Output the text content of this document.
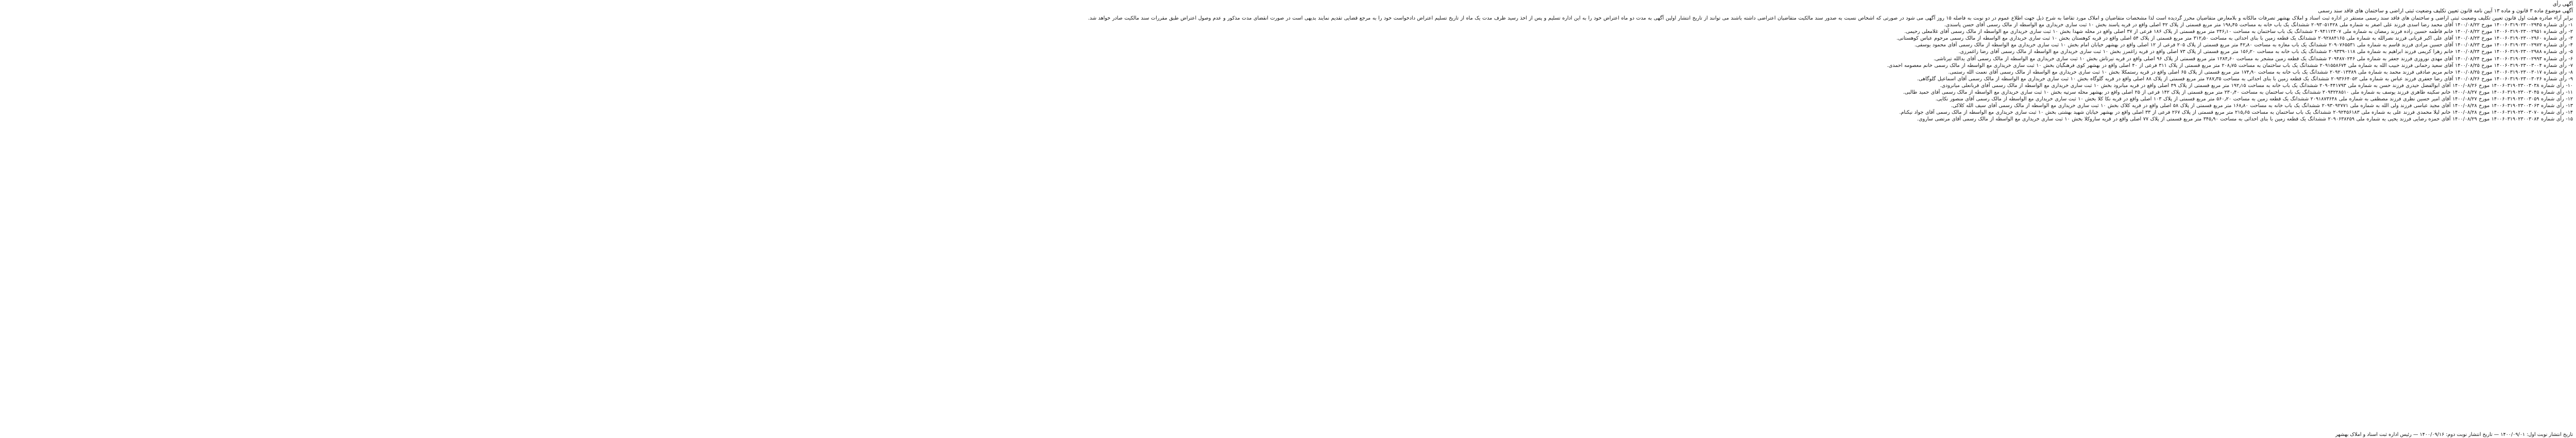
آگهی رأی
آگهی موضوع ماده ۳ قانون و ماده ۱۳ آیین نامه قانون تعیین تکلیف وضعیت ثبتی اراضی و ساختمان های فاقد سند رسمی

برابر آراء صادره هیئت اول قانون تعیین تکلیف وضعیت ثبتی اراضی و ساختمان های فاقد سند رسمی مستقر در اداره ثبت اسناد و املاک بهشهر تصرفات مالکانه و بلامعارض متقاضیان محرز گردیده است لذا مشخصات متقاضیان و املاک مورد تقاضا به شرح ذیل جهت اطلاع عموم در دو نوبت به فاصله ۱۵ روز آگهی می شود در صورتی که اشخاص نسبت به صدور سند مالکیت متقاضیان اعتراضی داشته باشند می توانند از تاریخ انتشار اولین آگهی به مدت دو ماه اعتراض خود را به این اداره تسلیم و پس از اخذ رسید ظرف مدت یک ماه از تاریخ تسلیم اعتراض دادخواست خود را به مرجع قضایی تقدیم نمایند بدیهی است در صورت انقضای مدت مذکور و عدم وصول اعتراض طبق مقررات سند مالکیت صادر خواهد شد.

۱- رأی شماره ۱۴۰۰۶۰۳۱۹۰۲۳۰۰۲۹۴۵ مورخ ۱۴۰۰/۰۸/۲۲ آقای محمد رضا اسدی فرزند علی اصغر به شماره ملی ۲۰۹۳۰۵۱۴۲۸ ششدانگ یک باب خانه به مساحت ۱۹۸٫۴۵ متر مربع قسمتی از پلاک ۴۲ اصلی واقع در قریه پاسند بخش ۱۰ ثبت ساری خریداری مع الواسطه از مالک رسمی آقای حسن پاسندی.

۲- رأی شماره ۱۴۰۰۶۰۳۱۹۰۲۳۰۰۲۹۵۱ مورخ ۱۴۰۰/۰۸/۲۲ خانم فاطمه حسین زاده فرزند رمضان به شماره ملی ۲۰۹۴۱۱۲۳۰۷ ششدانگ یک باب ساختمان به مساحت ۲۴۶٫۱۰ متر مربع قسمتی از پلاک ۱۸۶ فرعی از ۳۷ اصلی واقع در محله شهدا بخش ۱۰ ثبت ساری خریداری مع الواسطه از مالک رسمی آقای غلامعلی رحیمی.

۳- رأی شماره ۱۴۰۰۶۰۳۱۹۰۲۳۰۰۲۹۶۰ مورخ ۱۴۰۰/۰۸/۲۳ آقای علی اکبر قربانی فرزند نصرالله به شماره ملی ۲۰۹۲۸۸۴۱۶۵ ششدانگ یک قطعه زمین با بنای احداثی به مساحت ۳۱۲٫۵۰ متر مربع قسمتی از پلاک ۵۴ اصلی واقع در قریه کوهستان بخش ۱۰ ثبت ساری خریداری مع الواسطه از مالک رسمی مرحوم عباس کوهستانی.

۴- رأی شماره ۱۴۰۰۶۰۳۱۹۰۲۳۰۰۲۹۷۲ مورخ ۱۴۰۰/۰۸/۲۳ آقای حسین مرادی فرزند قاسم به شماره ملی ۲۰۹۰۷۶۵۵۳۱ ششدانگ یک باب مغازه به مساحت ۴۲٫۸۰ متر مربع قسمتی از پلاک ۲۰۵ فرعی از ۱۲ اصلی واقع در بهشهر خیابان امام بخش ۱۰ ثبت ساری خریداری مع الواسطه از مالک رسمی آقای محمود یوسفی.

۵- رأی شماره ۱۴۰۰۶۰۳۱۹۰۲۳۰۰۲۹۸۸ مورخ ۱۴۰۰/۰۸/۲۴ خانم زهرا کریمی فرزند ابراهیم به شماره ملی ۲۰۹۳۳۹۰۱۱۸ ششدانگ یک باب خانه به مساحت ۱۵۶٫۲۰ متر مربع قسمتی از پلاک ۷۳ اصلی واقع در قریه زاغمرز بخش ۱۰ ثبت ساری خریداری مع الواسطه از مالک رسمی آقای رضا زاغمرزی.

۶- رأی شماره ۱۴۰۰۶۰۳۱۹۰۲۳۰۰۲۹۹۳ مورخ ۱۴۰۰/۰۸/۲۴ آقای مهدی نوروزی فرزند جعفر به شماره ملی ۲۰۹۴۸۷۰۲۴۶ ششدانگ یک قطعه زمین مشجر به مساحت ۱۲۸۴٫۶۰ متر مربع قسمتی از پلاک ۹۶ اصلی واقع در قریه تیرتاش بخش ۱۰ ثبت ساری خریداری مع الواسطه از مالک رسمی آقای یدالله تیرتاشی.

۷- رأی شماره ۱۴۰۰۶۰۳۱۹۰۲۳۰۰۳۰۰۴ مورخ ۱۴۰۰/۰۸/۲۵ آقای سعید رحمانی فرزند حبیب الله به شماره ملی ۲۰۹۱۵۵۸۶۷۴ ششدانگ یک باب ساختمان به مساحت ۲۰۸٫۷۵ متر مربع قسمتی از پلاک ۳۱۱ فرعی از ۴۰ اصلی واقع در بهشهر کوی فرهنگیان بخش ۱۰ ثبت ساری خریداری مع الواسطه از مالک رسمی خانم معصومه احمدی.

۸- رأی شماره ۱۴۰۰۶۰۳۱۹۰۲۳۰۰۳۰۱۷ مورخ ۱۴۰۰/۰۸/۲۵ خانم مریم صادقی فرزند محمد به شماره ملی ۲۰۹۲۰۱۳۳۸۹ ششدانگ یک باب خانه به مساحت ۱۷۴٫۹۰ متر مربع قسمتی از پلاک ۶۵ اصلی واقع در قریه رستمکلا بخش ۱۰ ثبت ساری خریداری مع الواسطه از مالک رسمی آقای نعمت الله رستمی.

۹- رأی شماره ۱۴۰۰۶۰۳۱۹۰۲۳۰۰۳۰۲۶ مورخ ۱۴۰۰/۰۸/۲۶ آقای رضا جعفری فرزند عباس به شماره ملی ۲۰۹۳۶۶۴۰۵۲ ششدانگ یک قطعه زمین با بنای احداثی به مساحت ۲۸۷٫۳۵ متر مربع قسمتی از پلاک ۸۸ اصلی واقع در قریه گلوگاه بخش ۱۰ ثبت ساری خریداری مع الواسطه از مالک رسمی آقای اسماعیل گلوگاهی.

۱۰- رأی شماره ۱۴۰۰۶۰۳۱۹۰۲۳۰۰۳۰۳۸ مورخ ۱۴۰۰/۰۸/۲۶ آقای ابوالفضل حیدری فرزند حسن به شماره ملی ۲۰۹۰۴۴۱۷۹۳ ششدانگ یک باب خانه به مساحت ۱۹۲٫۱۵ متر مربع قسمتی از پلاک ۴۹ اصلی واقع در قریه میانرود بخش ۱۰ ثبت ساری خریداری مع الواسطه از مالک رسمی آقای قربانعلی میانرودی.

۱۱- رأی شماره ۱۴۰۰۶۰۳۱۹۰۲۳۰۰۳۰۴۵ مورخ ۱۴۰۰/۰۸/۲۷ خانم سکینه طاهری فرزند یوسف به شماره ملی ۲۰۹۴۲۲۸۵۱۰ ششدانگ یک باب ساختمان به مساحت ۲۳۰٫۴۰ متر مربع قسمتی از پلاک ۱۴۲ فرعی از ۲۵ اصلی واقع در بهشهر محله سرتپه بخش ۱۰ ثبت ساری خریداری مع الواسطه از مالک رسمی آقای حمید طالبی.

۱۲- رأی شماره ۱۴۰۰۶۰۳۱۹۰۲۳۰۰۳۰۵۹ مورخ ۱۴۰۰/۰۸/۲۷ آقای امیر حسین نظری فرزند مصطفی به شماره ملی ۲۰۹۱۸۷۳۶۴۸ ششدانگ یک قطعه زمین به مساحت ۵۶۰٫۲۰ متر مربع قسمتی از پلاک ۱۰۳ اصلی واقع در قریه نکا کلا بخش ۱۰ ثبت ساری خریداری مع الواسطه از مالک رسمی آقای منصور نکایی.

۱۳- رأی شماره ۱۴۰۰۶۰۳۱۹۰۲۳۰۰۳۰۶۳ مورخ ۱۴۰۰/۰۸/۲۸ آقای مجید عباسی فرزند ولی الله به شماره ملی ۲۰۹۳۰۹۲۷۷۱ ششدانگ یک باب خانه به مساحت ۱۶۸٫۸۰ متر مربع قسمتی از پلاک ۵۸ اصلی واقع در قریه کلاک بخش ۱۰ ثبت ساری خریداری مع الواسطه از مالک رسمی آقای سیف الله کلاکی.

۱۴- رأی شماره ۱۴۰۰۶۰۳۱۹۰۲۳۰۰۳۰۷۰ مورخ ۱۴۰۰/۰۸/۲۸ خانم لیلا محمدی فرزند علی به شماره ملی ۲۰۹۲۴۵۶۱۸۳ ششدانگ یک باب ساختمان به مساحت ۲۱۵٫۶۵ متر مربع قسمتی از پلاک ۲۶۷ فرعی از ۳۳ اصلی واقع در بهشهر خیابان شهید بهشتی بخش ۱۰ ثبت ساری خریداری مع الواسطه از مالک رسمی آقای جواد نیکنام.

۱۵- رأی شماره ۱۴۰۰۶۰۳۱۹۰۲۳۰۰۳۰۸۴ مورخ ۱۴۰۰/۰۸/۲۹ آقای حمزه رضایی فرزند یحیی به شماره ملی ۲۰۹۰۶۳۸۲۵۹ ششدانگ یک قطعه زمین با بنای احداثی به مساحت ۳۴۵٫۹۰ متر مربع قسمتی از پلاک ۷۷ اصلی واقع در قریه ساروکلا بخش ۱۰ ثبت ساری خریداری مع الواسطه از مالک رسمی آقای مرتضی ساروی.

تاریخ انتشار نوبت اول: ۱۴۰۰/۰۹/۰۱ — تاریخ انتشار نوبت دوم: ۱۴۰۰/۰۹/۱۶ — رئیس اداره ثبت اسناد و املاک بهشهر
